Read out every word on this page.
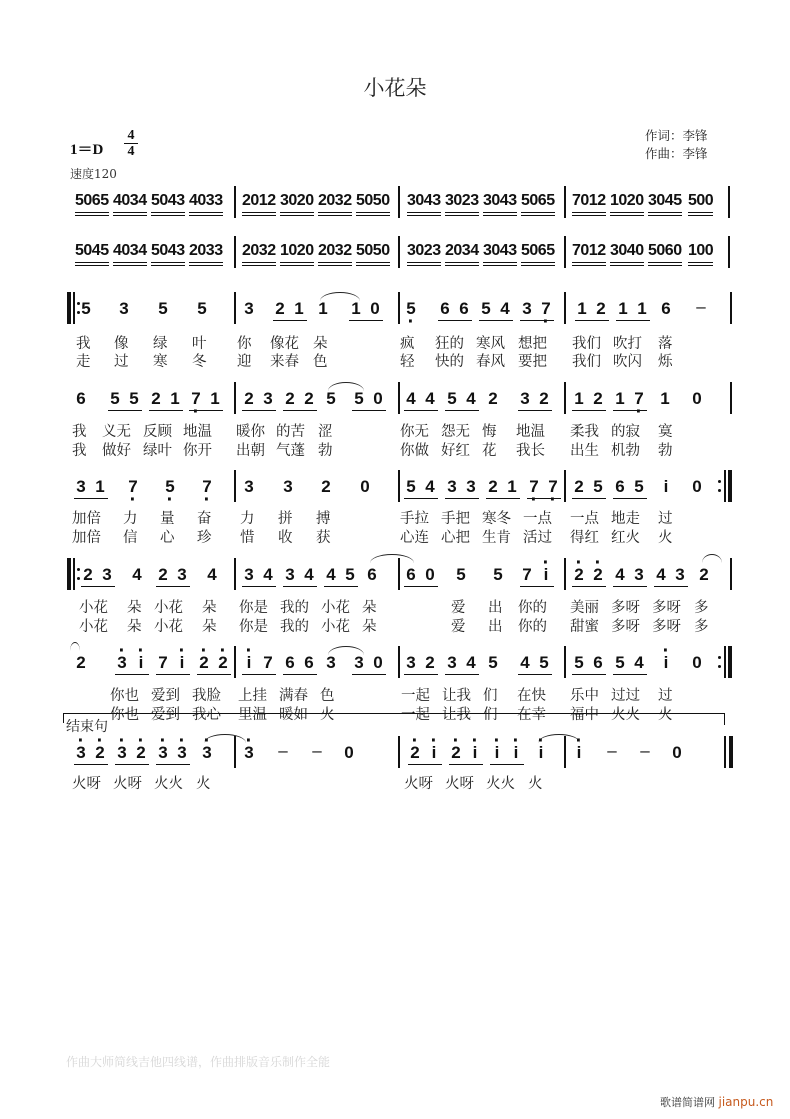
小花朵
1＝D
4
4
速度120
作词：李锋
作曲：李锋
5065 4034 5043 4033 2012 3020 2032 5050 3043 3023 3043 5065 7012 1020 3045 500
5045 4034 5043 2033 2032 1020 2032 5050 3023 2034 3043 5065 7012 3040 5060 100
5 3 5 5 3 2 1 1 1 0 5 · 6 6 5 4 3 7 · 1 2 1 1 6 –
我 像 绿 叶 你 像花 朵	疯 狂的 寒风 想把 我们 吹打 落
走 过 寒 冬 迎 来春 色	轻 快的 春风 要把 我们 吹闪 烁
6 5 5 2 1 7 · 1 2 3 2 2 5 5 0 4 4 5 4 2 3 2 1 2 1 7 · 1 0
我 义无 反顾 地温 暖你 的苦 涩	你无 怨无 悔 地温 柔我 的寂 寞
我 做好 绿叶 你开 出朝 气蓬 勃	你做 好红 花 我长 出生 机勃 勃
3 1 7 · 5 · 7 · 3 3 2 0 5 4 3 3 2 1 7 · 7 · 2 5 6 5 i 0
加倍 力 量 奋 力 拼 搏	手拉 手把 寒冬 一点 一点 地走 过
加倍 信 心 珍 惜 收 获	心连 心把 生肯 活过 得红 红火 火
2 3 4 2 3 4 3 4 3 4 4 5 6 6 0 5 5 7 · i · 2 · 2 4 3 4 3 2
小花 朵 小花 朵 你是 我的 小花 朵	爱 出 你的 美丽 多呀 多呀 多
小花 朵 小花 朵 你是 我的 小花 朵	爱 出 你的 甜蜜 多呀 多呀 多
2 · 3 · i 7 · i · 2 · 2 · i 7 6 6 3 3 0 3 2 3 4 5 4 5 5 6 5 4 · i 0
你也 爱到 我脸 上挂 满春 色	一起 让我 们 在快 乐中 过过 过
你也 爱到 我心 里温 暖如 火	一起 让我 们 在幸 福中 火火 火
结束句
· 3 · 2 · 3 · 2 · 3 · 3 · 3 · 3 – – 0	· 2 · i · 2 · i · i · i · i · i – – 0
火呀 火呀 火火 火	火呀 火呀 火火 火
作曲大师简线吉他四线谱，作曲排版音乐制作全能
歌谱简谱网 jianpu.cn
